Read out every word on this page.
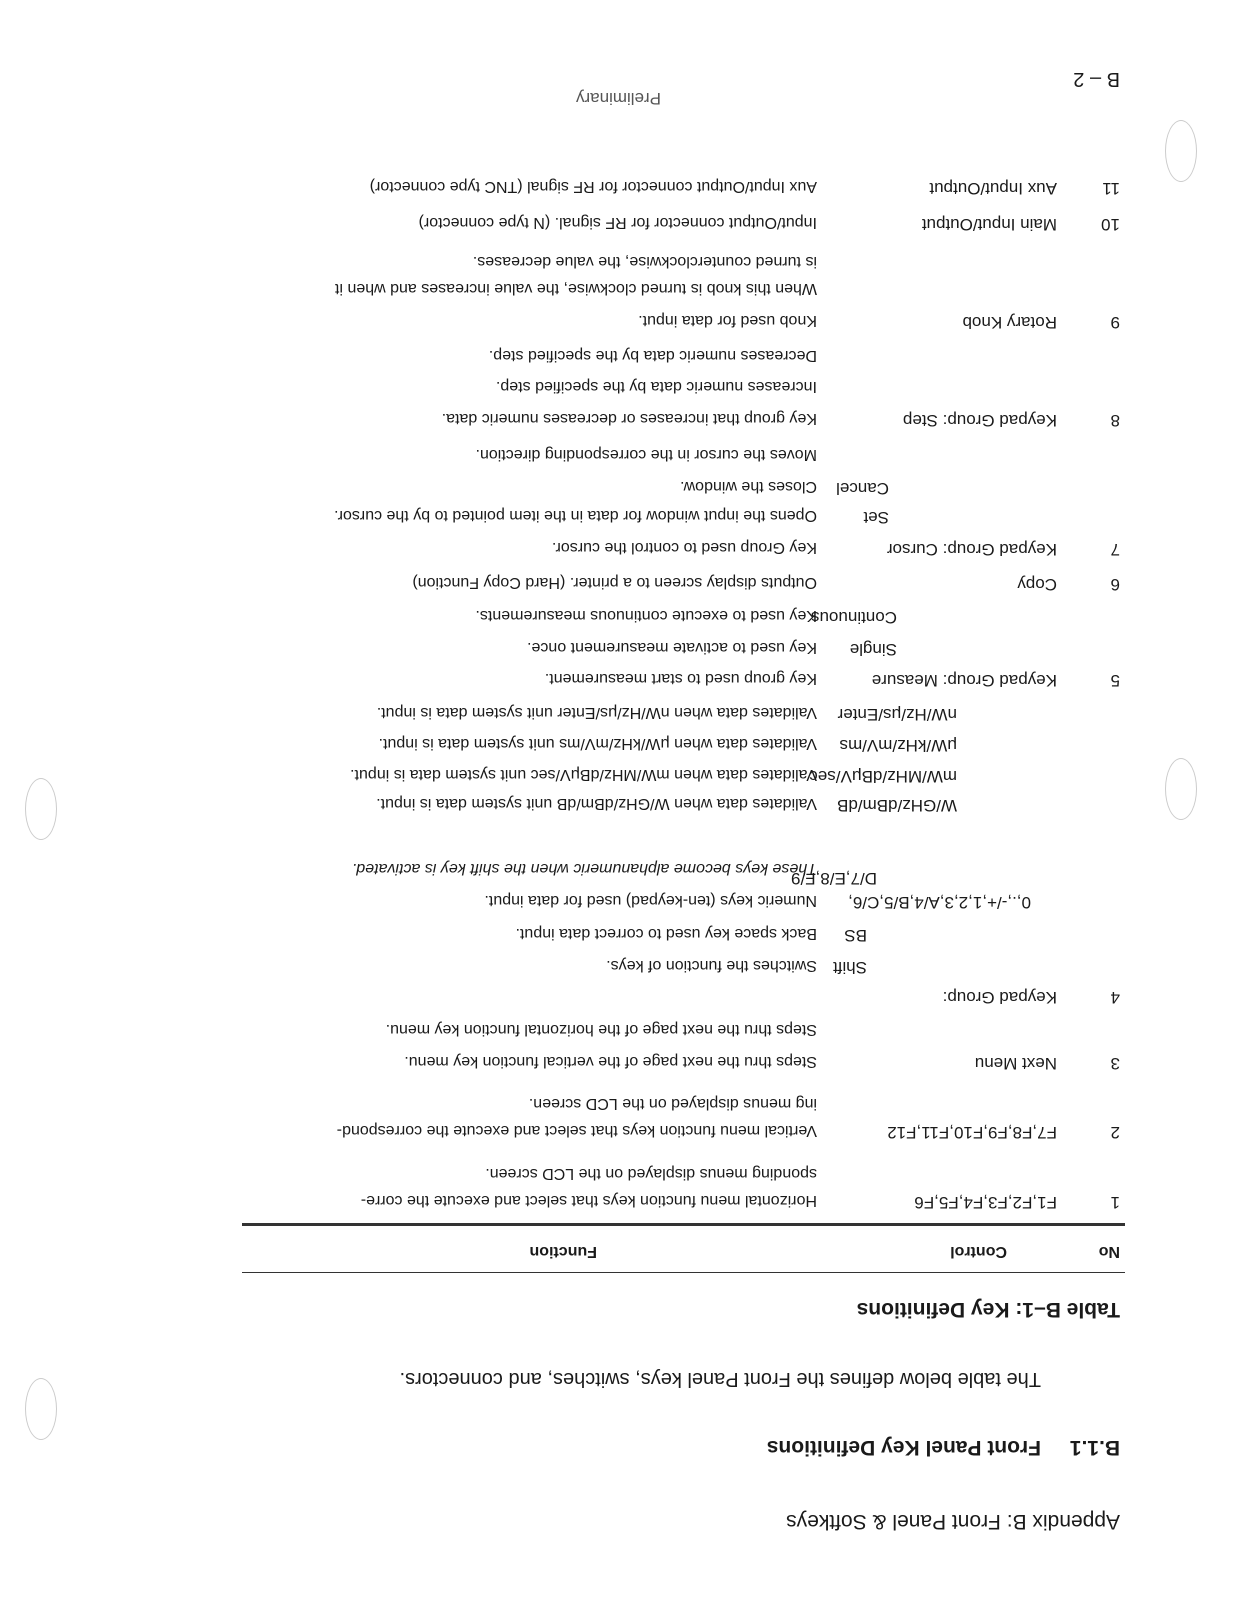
Appendix B: Front Panel & Softkeys
B.1.1
Front Panel Key Definitions
The table below defines the Front Panel keys, switches, and connectors.
Table B–1: Key Definitions
No
Control
Function
1
F1,F2,F3,F4,F5,F6
Horizontal menu function keys that select and execute the corre-
sponding menus displayed on the LCD screen.
2
F7,F8,F9,F10,F11,F12
Vertical menu function keys that select and execute the correspond-
ing menus displayed on the LCD screen.
3
Next Menu
Steps thru the next page of the vertical function key menu.
Steps thru the next page of the horizontal function key menu.
4
Keypad Group:
Shift
Switches the function of keys.
BS
Back space key used to correct data input.
0,.,-/+,1,2,3,A/4,B/5,C/6,
D/7,E/8,F/9
Numeric keys (ten-keypad) used for data input.
These keys become alphanumeric when the shift key is activated.
W/GHz/dBm/dB
Validates data when W/GHz/dBm/dB unit system data is input.
mW/MHz/dBμV/sec
Validates data when mW/MHz/dBμV/sec unit system data is input.
μW/kHz/mV/ms
Validates data when μW/kHz/mV/ms unit system data is input.
nW/Hz/μs/Enter
Validates data when nW/Hz/μs/Enter unit system data is input.
5
Keypad Group: Measure
Key group used to start measurement.
Single
Key used to activate measurement once.
Continuous
Key used to execute continuous measurements.
6
Copy
Outputs display screen to a printer. (Hard Copy Function)
7
Keypad Group: Cursor
Key Group used to control the cursor.
Set
Opens the input window for data in the item pointed to by the cursor.
Cancel
Closes the window.
Moves the cursor in the corresponding direction.
8
Keypad Group: Step
Key group that increases or decreases numeric data.
Increases numeric data by the specified step.
Decreases numeric data by the specified step.
9
Rotary Knob
Knob used for data input.
When this knob is turned clockwise, the value increases and when it
is turned counterclockwise, the value decreases.
10
Main Input/Output
Input/Output connector for RF signal. (N type connector)
11
Aux Input/Output
Aux Input/Output connector for RF signal (TNC type connector)
Preliminary
B – 2
